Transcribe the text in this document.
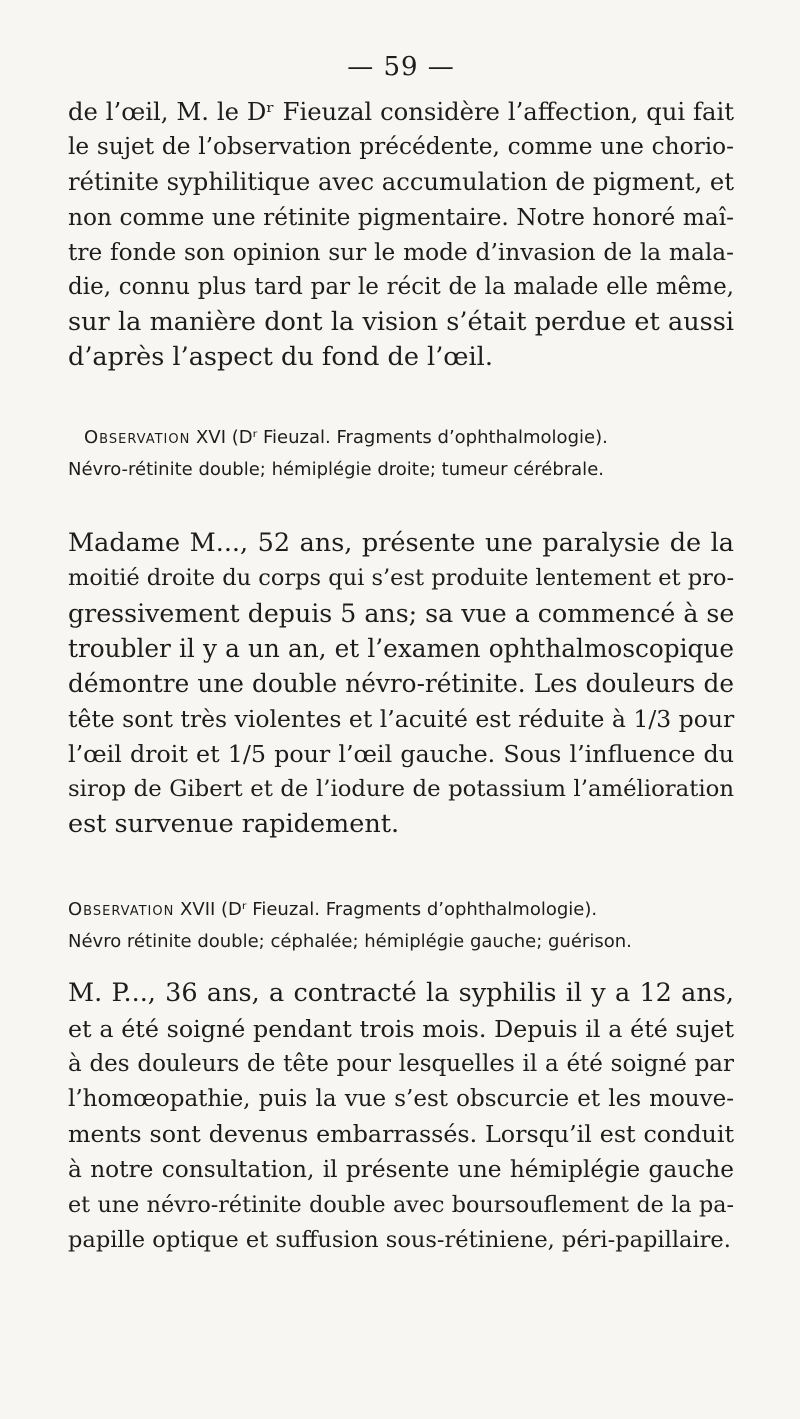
— 59 —
de l’œil, M. le Dʳ Fieuzal considère l’affection, qui fait
le sujet de l’observation précédente, comme une chorio-
rétinite syphilitique avec accumulation de pigment, et
non comme une rétinite pigmentaire. Notre honoré maî-
tre fonde son opinion sur le mode d’invasion de la mala-
die, connu plus tard par le récit de la malade elle même,
sur la manière dont la vision s’était perdue et aussi
d’après l’aspect du fond de l’œil.
Observation XVI (Dʳ Fieuzal. Fragments d’ophthalmologie).
Névro-rétinite double; hémiplégie droite; tumeur cérébrale.
Madame M..., 52 ans, présente une paralysie de la
moitié droite du corps qui s’est produite lentement et pro-
gressivement depuis 5 ans; sa vue a commencé à se
troubler il y a un an, et l’examen ophthalmoscopique
démontre une double névro-rétinite. Les douleurs de
tête sont très violentes et l’acuité est réduite à 1/3 pour
l’œil droit et 1/5 pour l’œil gauche. Sous l’influence du
sirop de Gibert et de l’iodure de potassium l’amélioration
est survenue rapidement.
Observation XVII (Dʳ Fieuzal. Fragments d’ophthalmologie).
Névro rétinite double; céphalée; hémiplégie gauche; guérison.
M. P..., 36 ans, a contracté la syphilis il y a 12 ans,
et a été soigné pendant trois mois. Depuis il a été sujet
à des douleurs de tête pour lesquelles il a été soigné par
l’homœopathie, puis la vue s’est obscurcie et les mouve-
ments sont devenus embarrassés. Lorsqu’il est conduit
à notre consultation, il présente une hémiplégie gauche
et une névro-rétinite double avec boursouflement de la pa-
papille optique et suffusion sous-rétiniene, péri-papillaire.
